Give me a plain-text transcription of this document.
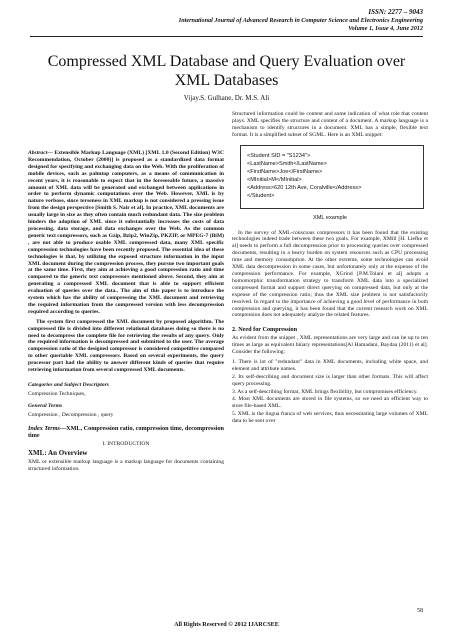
ISSN: 2277 – 9043
International Journal of Advanced Research in Computer Science and Electronics Engineering
Volume 1, Issue 4, June 2012
Compressed XML Database and Query Evaluation over XML Databases
Vijay.S. Gulhane, Dr. M.S. Ali

Abstract— Extensible Markup Language (XML) [XML 1.0 (Second Edition) W3C Recommendation, October (2000)] is proposed as a standardized data format designed for specifying and exchanging data on the Web. With the proliferation of mobile devices, such as palmtop computers, as a means of communication in recent years, it is reasonable to expect that in the foreseeable future, a massive amount of XML data will be generated and exchanged between applications in order to perform dynamic computations over the Web. However, XML is by nature verbose, since terseness in XML markup is not considered a pressing issue from the design perspective [Smith S. Nair et al]. In practice, XML documents are usually large in size as they often contain much redundant data. The size problem hinders the adoption of XML since it substantially increases the costs of data processing, data storage, and data exchanges over the Web. As the common generic text compressors, such as Gzip, Bzip2, WinZip, PKZIP, or MPEG-7 (BiM) , are not able to produce usable XML compressed data, many XML specific compression technologies have been recently proposed. The essential idea of these technologies is that, by utilizing the exposed structure information in the input XML document during the compression process, they pursue two important goals at the same time. First, they aim at achieving a good compression ratio and time compared to the generic text compressors mentioned above. Second, they aim at generating a compressed XML document that is able to support efficient evaluation of queries over the data.. The aim of this paper is to introduce the system which has the ability of compressing the XML document and retrieving the required information from the compressed version with less decompression required according to queries.

The system first compressed the XML document by proposed algorithm. The compressed file is divided into different relational databases doing so there is no need to decompress the complete file for retrieving the results of any query. Only the required information is decompressed and submitted to the user. The average compression ratio of the designed compressor is considered competitive compared to other queriable XML compressors. Based on several experiments, the query processor part had the ability to answer different kinds of queries that require retrieving information from several compressed XML documents.

Categories and Subject Descriptors
Compression Techniques,
General Terms
Compression , Decompression , query
Index Terms—XML, Compression ratio, compression time, decompression time
I. INTRODUCTION
XML: An Overview

XML or extensible markup language is a markup language for documents containing structured information.

Structured information could be content and some indication of what role that content plays. XML specifies the structure and content of a document. A markup language is a mechanism to identify structures in a document. XML has a simple, flexible text format. It is a simplified subset of SGML. Here is an XML snippet:

<Student SID = "S1234">
<LastName>Smith</LastName>
<FirstName>Joe</FirstName>
<MInitial>M</MInitial>
<Address>620 12th Ave, Coralville</Address>
</Student>
XML example

In the survey of XML-conscious compressors it has been found that the existing technologies indeed trade between these two goals. For example, XMill [H. Liefke et al] needs to perform a full decompression prior to processing queries over compressed documents, resulting in a heavy burden on system resources such as CPU processing time and memory consumption. At the other extreme, some technologies can avoid XML data decompression in some cases, but unfortunately only at the expense of the compression performance. For example, XGrind [P.M.Tolani et al] adopts a homomorphic transformation strategy to transform XML data into a specialized compressed format and support direct querying on compressed data, but only at the expense of the compression ratio; thus the XML size problem is not satisfactorily resolved. In regard to the importance of achieving a good level of performance in both compression and querying, it has been found that the current research work on XML compression does not adequately analyze the related features.

2. Need for Compression

As evident from the snippet , XML representations are very large and can be up to ten times as large as equivalent binary representations[Al Hamadani, Baydaa (2011) et al]. Consider the following:

1. There is lot of "redundant" data in XML documents, including white space, and element and attribute names.
2. Its self-describing and document size is larger than other formats. This will affect query processing.
3. As a self-describing format, XML brings flexibility, but compromises efficiency.
4. Most XML documents are stored in file systems, so we need an efficient way to store file-based XML.
5. XML is the lingua franca of web services, thus necessitating large volumes of XML data to be sent over
58
All Rights Reserved © 2012 IJARCSEE
